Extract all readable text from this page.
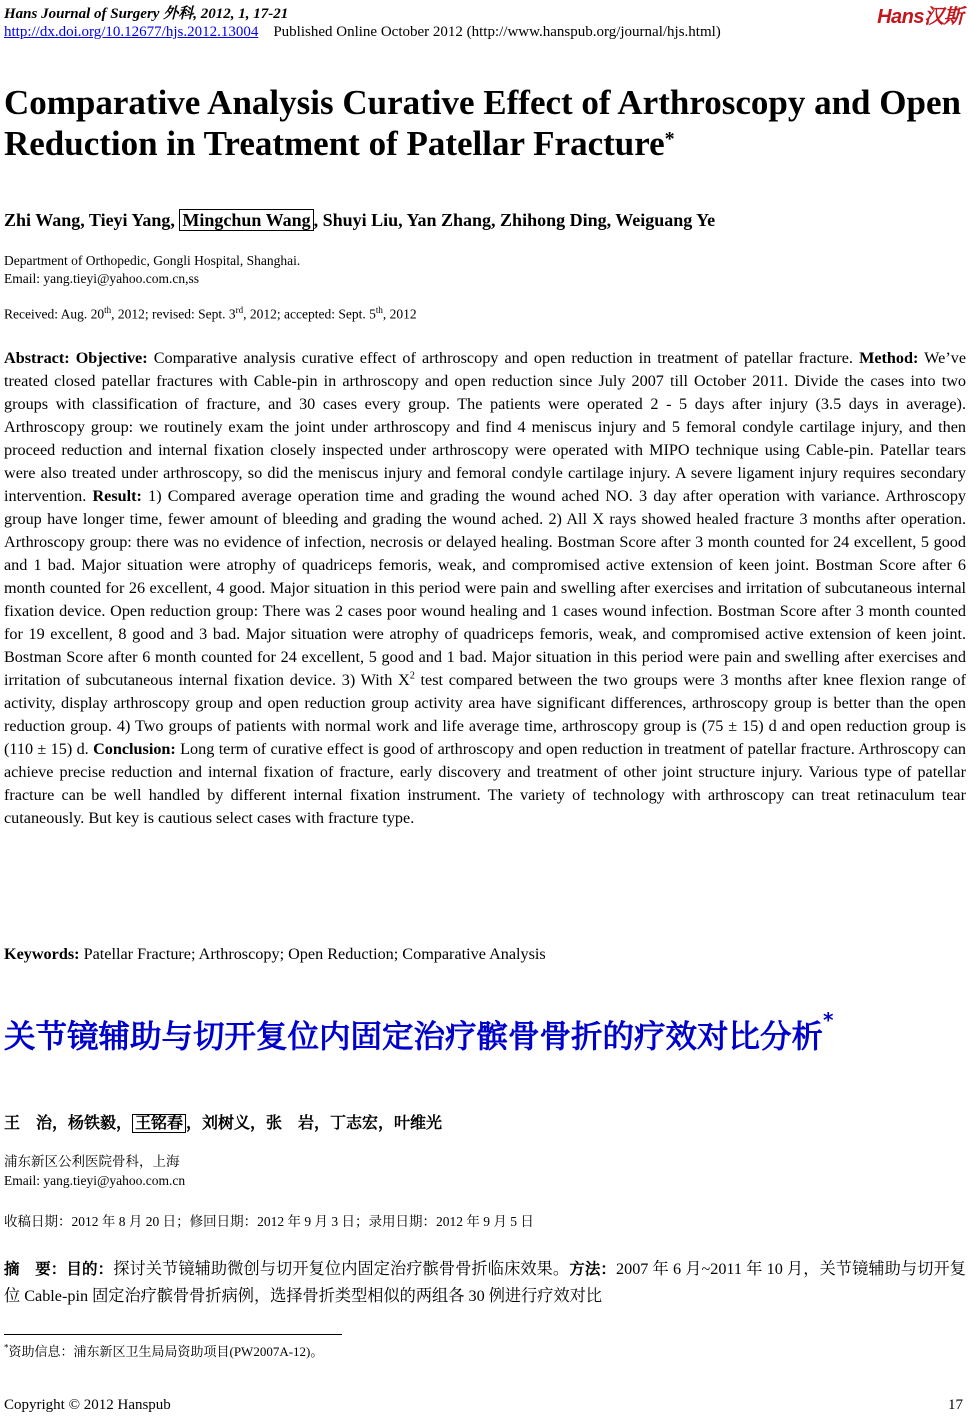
Hans Journal of Surgery 外科, 2012, 1, 17-21	Hans汉斯
http://dx.doi.org/10.12677/hjs.2012.13004 Published Online October 2012 (http://www.hanspub.org/journal/hjs.html)
Comparative Analysis Curative Effect of Arthroscopy and Open Reduction in Treatment of Patellar Fracture*
Zhi Wang, Tieyi Yang, Mingchun Wang , Shuyi Liu, Yan Zhang, Zhihong Ding, Weiguang Ye
Department of Orthopedic, Gongli Hospital, Shanghai.
Email: yang.tieyi@yahoo.com.cn,ss
Received: Aug. 20th, 2012; revised: Sept. 3rd, 2012; accepted: Sept. 5th, 2012

Abstract: Objective: Comparative analysis curative effect of arthroscopy and open reduction in treatment of patellar fracture. Method: We’ve treated closed patellar fractures with Cable-pin in arthroscopy and open reduction since July 2007 till October 2011. Divide the cases into two groups with classification of fracture, and 30 cases every group. The patients were operated 2 - 5 days after injury (3.5 days in average). Arthroscopy group: we routinely exam the joint under arthroscopy and find 4 meniscus injury and 5 femoral condyle cartilage injury, and then proceed reduction and internal fixation closely inspected under arthroscopy were operated with MIPO technique using Cable-pin. Patellar tears were also treated under arthroscopy, so did the meniscus injury and femoral condyle cartilage injury. A severe ligament injury requires secondary intervention. Result: 1) Compared average operation time and grading the wound ached NO. 3 day after operation with variance. Arthroscopy group have longer time, fewer amount of bleeding and grading the wound ached. 2) All X rays showed healed fracture 3 months after operation. Arthroscopy group: there was no evidence of infection, necrosis or delayed healing. Bostman Score after 3 month counted for 24 excellent, 5 good and 1 bad. Major situation were atrophy of quadriceps femoris, weak, and compromised active extension of keen joint. Bostman Score after 6 month counted for 26 excellent, 4 good. Major situation in this period were pain and swelling after exercises and irritation of subcutaneous internal fixation device. Open reduction group: There was 2 cases poor wound healing and 1 cases wound infection. Bostman Score after 3 month counted for 19 excellent, 8 good and 3 bad. Major situation were atrophy of quadriceps femoris, weak, and compromised active extension of keen joint. Bostman Score after 6 month counted for 24 excellent, 5 good and 1 bad. Major situation in this period were pain and swelling after exercises and irritation of subcutaneous internal fixation device. 3) With $X^2$ test compared between the two groups were 3 months after knee flexion range of activity, display arthroscopy group and open reduction group activity area have significant differences, arthroscopy group is better than the open reduction group. 4) Two groups of patients with normal work and life average time, arthroscopy group is (75 ± 15) d and open reduction group is (110 ± 15) d. Conclusion: Long term of curative effect is good of arthroscopy and open reduction in treatment of patellar fracture. Arthroscopy can achieve precise reduction and internal fixation of fracture, early discovery and treatment of other joint structure injury. Various type of patellar fracture can be well handled by different internal fixation instrument. The variety of technology with arthroscopy can treat retinaculum tear cutaneously. But key is cautious select cases with fracture type.

Keywords: Patellar Fracture; Arthroscopy; Open Reduction; Comparative Analysis
关节镜辅助与切开复位内固定治疗髌骨骨折的疗效对比分析*
王　治，杨铁毅， 王铭春 ，刘树义，张　岩，丁志宏，叶维光
浦东新区公利医院骨科，上海
Email: yang.tieyi@yahoo.com.cn
收稿日期：2012 年 8 月 20 日；修回日期：2012 年 9 月 3 日；录用日期：2012 年 9 月 5 日

摘　要：目的：探讨关节镜辅助微创与切开复位内固定治疗髌骨骨折临床效果。方法：2007 年 6 月~2011 年 10 月，关节镜辅助与切开复位 Cable-pin 固定治疗髌骨骨折病例，选择骨折类型相似的两组各 30 例进行疗效对比

*资助信息：浦东新区卫生局局资助项目(PW2007A-12)。
Copyright © 2012 Hanspub	17
